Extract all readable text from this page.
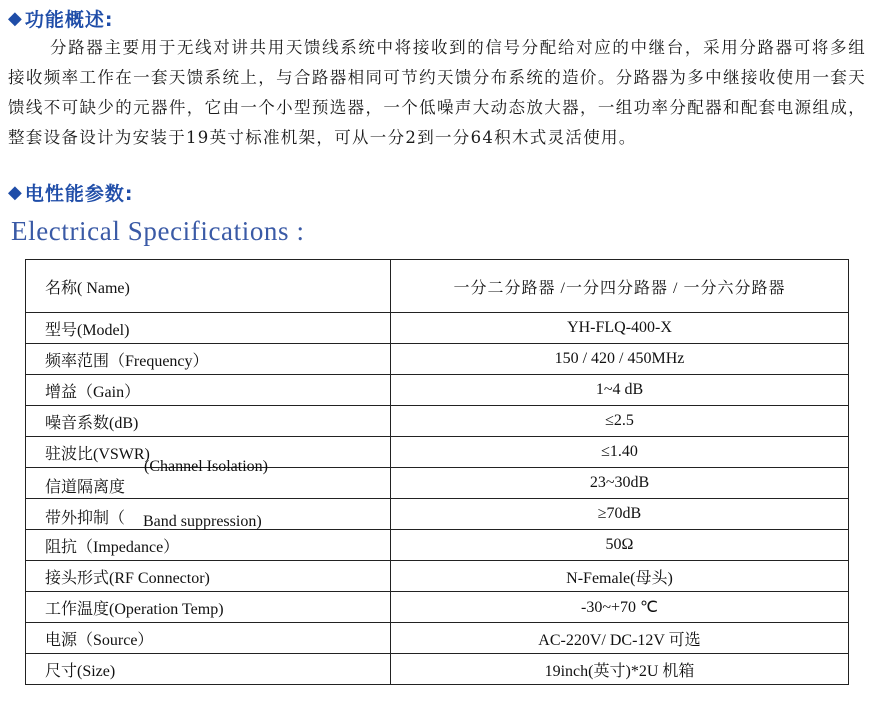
◆ 功能概述:

分路器主要用于无线对讲共用天馈线系统中将接收到的信号分配给对应的中继台，采用分路器可将多组接收频率工作在一套天馈系统上，与合路器相同可节约天馈分布系统的造价。分路器为多中继接收使用一套天馈线不可缺少的元器件，它由一个小型预选器，一个低噪声大动态放大器，一组功率分配器和配套电源组成，整套设备设计为安装于19英寸标准机架，可从一分2到一分64积木式灵活使用。

◆ 电性能参数:
Electrical Specifications :
名称( Name)	一分二分路器 /一分四分路器 / 一分六分路器
型号(Model)	YH-FLQ-400-X
频率范围（Frequency）	150 / 420 / 450MHz
增益（Gain）	1~4 dB
噪音系数(dB)	≤2.5
驻波比(VSWR)	≤1.40
信道隔离度
(Channel Isolation)	23~30dB
带外抑制（ Band suppression)	≥70dB
阻抗（Impedance）	50Ω
接头形式(RF Connector)	N-Female(母头)
工作温度(Operation Temp)	-30~+70 ℃
电源（Source）	AC-220V/ DC-12V 可选
尺寸(Size)	19inch(英寸)*2U 机箱
